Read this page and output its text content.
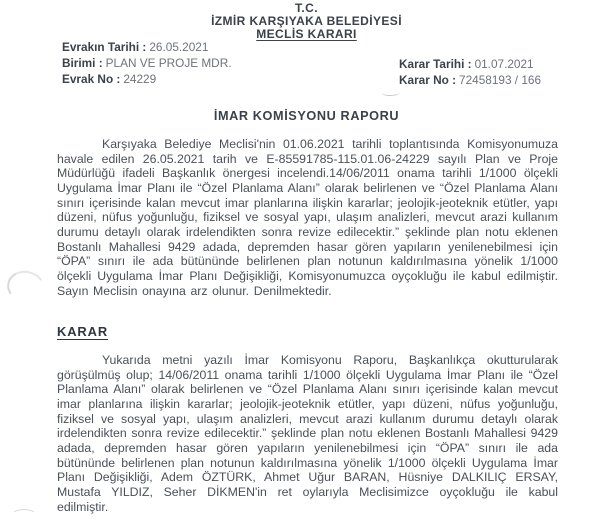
T.C.
İZMİR KARŞIYAKA BELEDİYESİ
MECLİS KARARI
Evrakın Tarihi : 26.05.2021
Birimi : PLAN VE PROJE MDR.
Evrak No : 24229
Karar Tarihi : 01.07.2021
Karar No : 72458193 / 166
İMAR KOMİSYONU RAPORU

Karşıyaka Belediye Meclisi'nin 01.06.2021 tarihli toplantısında Komisyonumuza havale edilen 26.05.2021 tarih ve E-85591785-115.01.06-24229 sayılı Plan ve Proje Müdürlüğü ifadeli Başkanlık önergesi incelendi.14/06/2011 onama tarihli 1/1000 ölçekli Uygulama İmar Planı ile “Özel Planlama Alanı” olarak belirlenen ve “Özel Planlama Alanı sınırı içerisinde kalan mevcut imar planlarına ilişkin kararlar; jeolojik-jeoteknik etütler, yapı düzeni, nüfus yoğunluğu, fiziksel ve sosyal yapı, ulaşım analizleri, mevcut arazi kullanım durumu detaylı olarak irdelendikten sonra revize edilecektir.” şeklinde plan notu eklenen Bostanlı Mahallesi 9429 adada, depremden hasar gören yapıların yenilenebilmesi için “ÖPA” sınırı ile ada bütününde belirlenen plan notunun kaldırılmasına yönelik 1/1000 ölçekli Uygulama İmar Planı Değişikliği, Komisyonumuzca oyçokluğu ile kabul edilmiştir. Sayın Meclisin onayına arz olunur. Denilmektedir.

KARAR

Yukarıda metni yazılı İmar Komisyonu Raporu, Başkanlıkça okutturularak görüşülmüş olup; 14/06/2011 onama tarihli 1/1000 ölçekli Uygulama İmar Planı ile “Özel Planlama Alanı” olarak belirlenen ve “Özel Planlama Alanı sınırı içerisinde kalan mevcut imar planlarına ilişkin kararlar; jeolojik-jeoteknik etütler, yapı düzeni, nüfus yoğunluğu, fiziksel ve sosyal yapı, ulaşım analizleri, mevcut arazi kullanım durumu detaylı olarak irdelendikten sonra revize edilecektir.” şeklinde plan notu eklenen Bostanlı Mahallesi 9429 adada, depremden hasar gören yapıların yenilenebilmesi için “ÖPA” sınırı ile ada bütününde belirlenen plan notunun kaldırılmasına yönelik 1/1000 ölçekli Uygulama İmar Planı Değişikliği, Adem ÖZTÜRK, Ahmet Uğur BARAN, Hüsniye DALKILIÇ ERSAY, Mustafa YILDIZ, Seher DİKMEN'in ret oylarıyla Meclisimizce oyçokluğu ile kabul edilmiştir.
